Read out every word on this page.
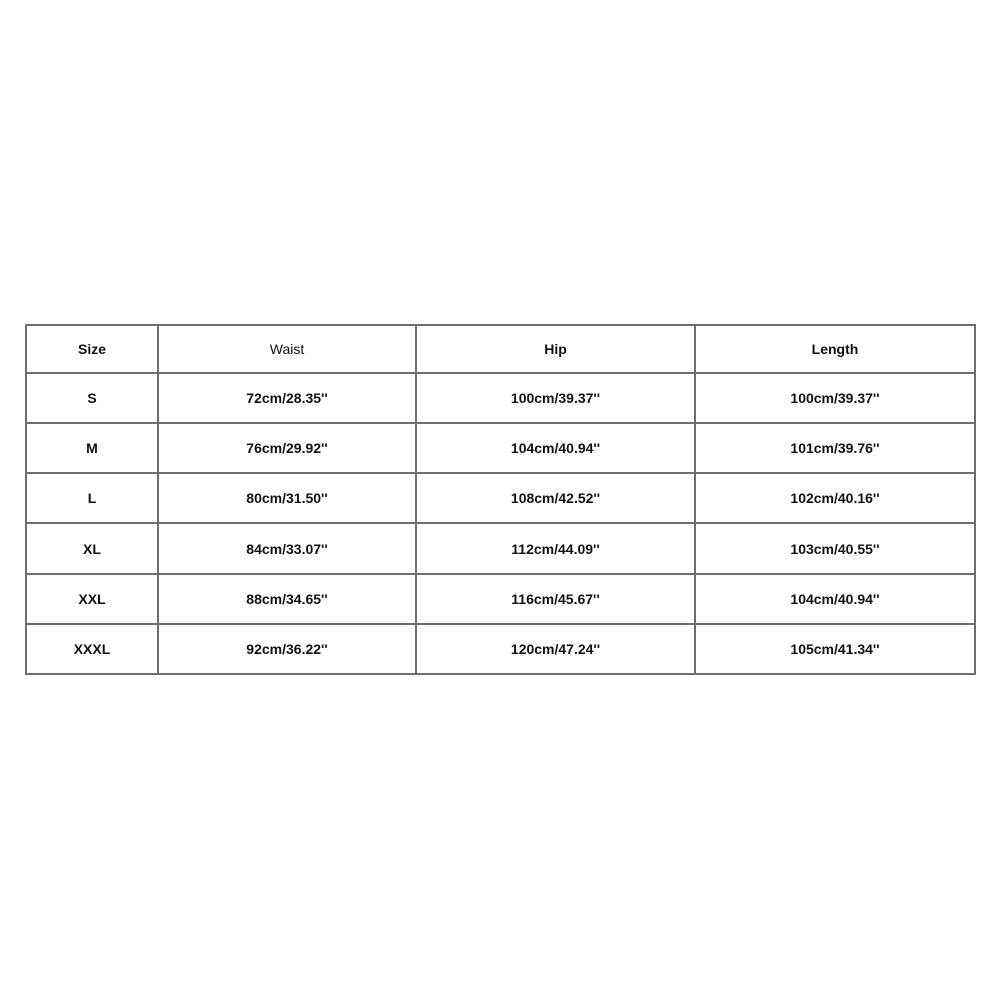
Size	Waist	Hip	Length
S	72cm/28.35''	100cm/39.37''	100cm/39.37''
M	76cm/29.92''	104cm/40.94''	101cm/39.76''
L	80cm/31.50''	108cm/42.52''	102cm/40.16''
XL	84cm/33.07''	112cm/44.09''	103cm/40.55''
XXL	88cm/34.65''	116cm/45.67''	104cm/40.94''
XXXL	92cm/36.22''	120cm/47.24''	105cm/41.34''
